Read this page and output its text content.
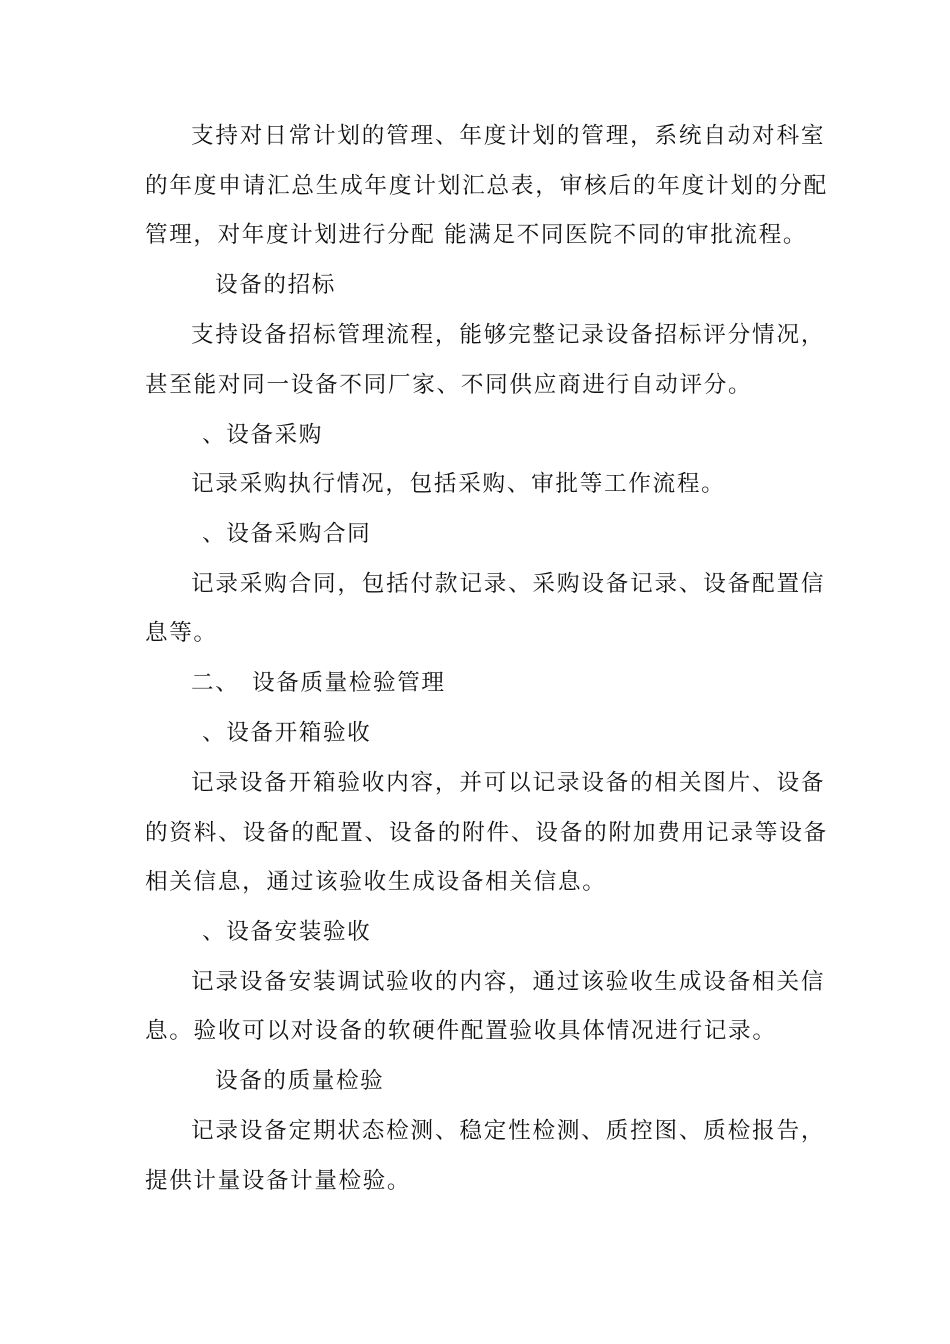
支持对日常计划的管理、年度计划的管理，系统自动对科室

的年度申请汇总生成年度计划汇总表，审核后的年度计划的分配

管理，对年度计划进行分配 能满足不同医院不同的审批流程。

设备的招标

支持设备招标管理流程，能够完整记录设备招标评分情况，

甚至能对同一设备不同厂家、不同供应商进行自动评分。

、设备采购

记录采购执行情况，包括采购、审批等工作流程。

、设备采购合同

记录采购合同，包括付款记录、采购设备记录、设备配置信

息等。

二、 设备质量检验管理

、设备开箱验收

记录设备开箱验收内容，并可以记录设备的相关图片、设备

的资料、设备的配置、设备的附件、设备的附加费用记录等设备

相关信息，通过该验收生成设备相关信息。

、设备安装验收

记录设备安装调试验收的内容，通过该验收生成设备相关信

息。验收可以对设备的软硬件配置验收具体情况进行记录。

设备的质量检验

记录设备定期状态检测、稳定性检测、质控图、质检报告，

提供计量设备计量检验。
